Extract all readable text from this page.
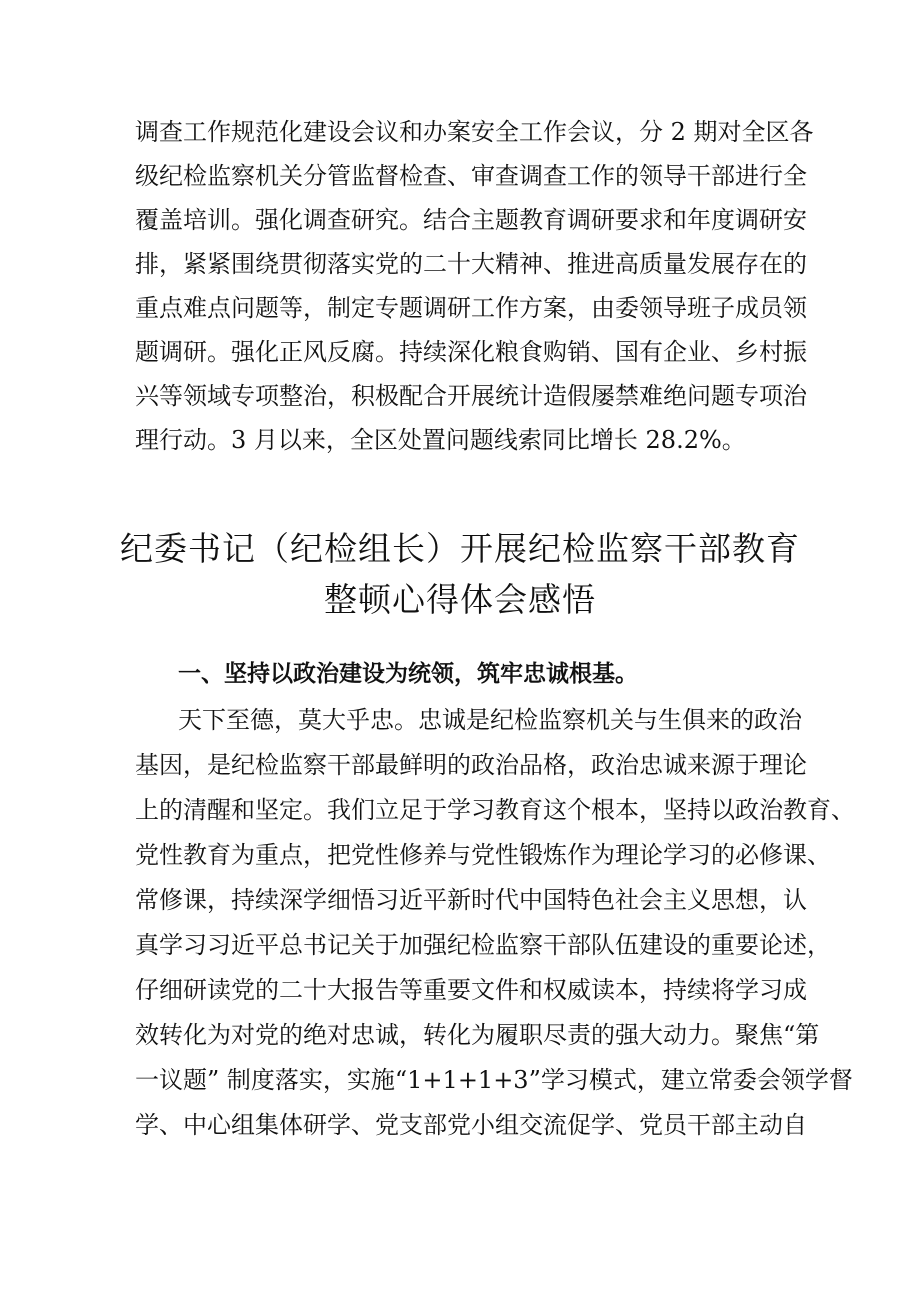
调查工作规范化建设会议和办案安全工作会议，分 2 期对全区各
级纪检监察机关分管监督检查、审查调查工作的领导干部进行全
覆盖培训。强化调查研究。结合主题教育调研要求和年度调研安
排，紧紧围绕贯彻落实党的二十大精神、推进高质量发展存在的
重点难点问题等，制定专题调研工作方案，由委领导班子成员领
题调研。强化正风反腐。持续深化粮食购销、国有企业、乡村振
兴等领域专项整治，积极配合开展统计造假屡禁难绝问题专项治
理行动。3 月以来，全区处置问题线索同比增长 28.2%。
纪委书记（纪检组长）开展纪检监察干部教育
整顿心得体会感悟
一、坚持以政治建设为统领，筑牢忠诚根基。
天下至德，莫大乎忠。忠诚是纪检监察机关与生俱来的政治
基因，是纪检监察干部最鲜明的政治品格，政治忠诚来源于理论
上的清醒和坚定。我们立足于学习教育这个根本，坚持以政治教育、
党性教育为重点，把党性修养与党性锻炼作为理论学习的必修课、
常修课，持续深学细悟习近平新时代中国特色社会主义思想，认
真学习习近平总书记关于加强纪检监察干部队伍建设的重要论述，
仔细研读党的二十大报告等重要文件和权威读本，持续将学习成
效转化为对党的绝对忠诚，转化为履职尽责的强大动力。聚焦“第
一议题” 制度落实，实施“1+1+1+3”学习模式，建立常委会领学督
学、中心组集体研学、党支部党小组交流促学、党员干部主动自
